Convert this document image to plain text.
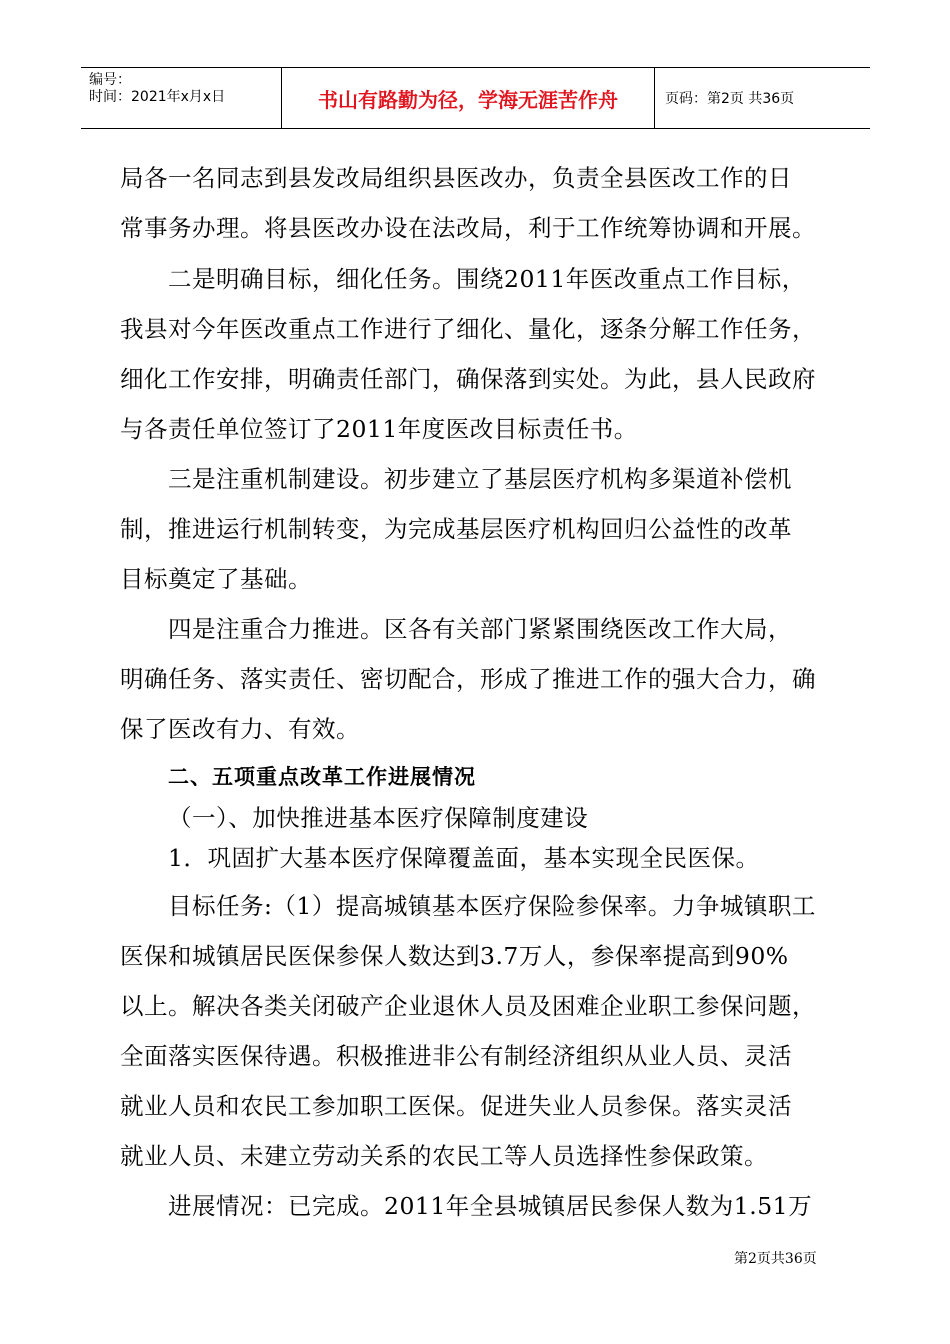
编号：
时间：2021年x月x日	书山有路勤为径，学海无涯苦作舟	页码：第2页 共36页
局各一名同志到县发改局组织县医改办，负责全县医改工作的日
常事务办理。将县医改办设在法改局，利于工作统筹协调和开展。
二是明确目标，细化任务。围绕2011年医改重点工作目标，
我县对今年医改重点工作进行了细化、量化，逐条分解工作任务，
细化工作安排，明确责任部门，确保落到实处。为此，县人民政府
与各责任单位签订了2011年度医改目标责任书。
三是注重机制建设。初步建立了基层医疗机构多渠道补偿机
制，推进运行机制转变，为完成基层医疗机构回归公益性的改革
目标奠定了基础。
四是注重合力推进。区各有关部门紧紧围绕医改工作大局，
明确任务、落实责任、密切配合，形成了推进工作的强大合力，确
保了医改有力、有效。
二、五项重点改革工作进展情况
（一）、加快推进基本医疗保障制度建设
1．巩固扩大基本医疗保障覆盖面，基本实现全民医保。
目标任务:（1）提高城镇基本医疗保险参保率。力争城镇职工
医保和城镇居民医保参保人数达到3.7万人，参保率提高到90%
以上。解决各类关闭破产企业退休人员及困难企业职工参保问题，
全面落实医保待遇。积极推进非公有制经济组织从业人员、灵活
就业人员和农民工参加职工医保。促进失业人员参保。落实灵活
就业人员、未建立劳动关系的农民工等人员选择性参保政策。
进展情况：已完成。2011年全县城镇居民参保人数为1.51万
第2页共36页
